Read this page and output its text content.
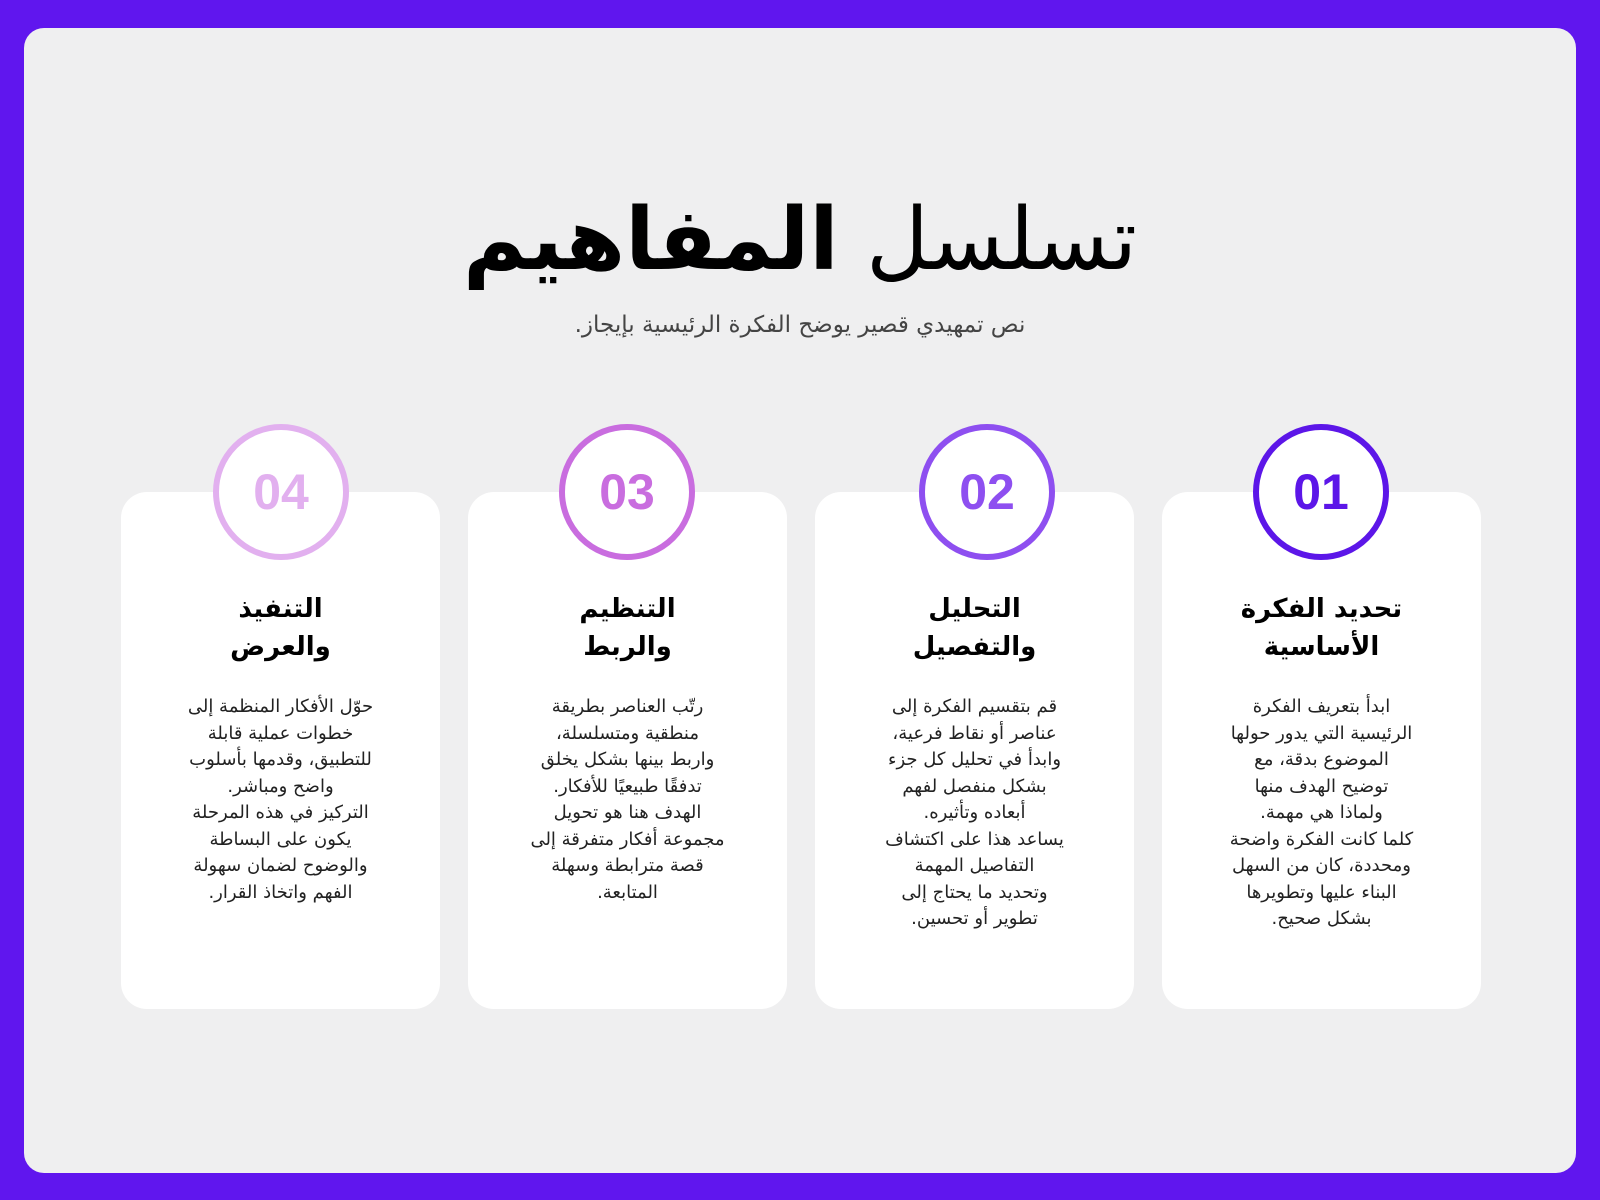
تسلسل المفاهيم
نص تمهيدي قصير يوضح الفكرة الرئيسية بإيجاز.
تحديد الفكرة
الأساسية
ابدأ بتعريف الفكرة
الرئيسية التي يدور حولها
الموضوع بدقة، مع
توضيح الهدف منها
ولماذا هي مهمة.
كلما كانت الفكرة واضحة
ومحددة، كان من السهل
البناء عليها وتطويرها
بشكل صحيح.
01
التحليل
والتفصيل
قم بتقسيم الفكرة إلى
عناصر أو نقاط فرعية،
وابدأ في تحليل كل جزء
بشكل منفصل لفهم
أبعاده وتأثيره.
يساعد هذا على اكتشاف
التفاصيل المهمة
وتحديد ما يحتاج إلى
تطوير أو تحسين.
02
التنظيم
والربط
رتّب العناصر بطريقة
منطقية ومتسلسلة،
واربط بينها بشكل يخلق
تدفقًا طبيعيًا للأفكار.
الهدف هنا هو تحويل
مجموعة أفكار متفرقة إلى
قصة مترابطة وسهلة
المتابعة.
03
التنفيذ
والعرض
حوّل الأفكار المنظمة إلى
خطوات عملية قابلة
للتطبيق، وقدمها بأسلوب
واضح ومباشر.
التركيز في هذه المرحلة
يكون على البساطة
والوضوح لضمان سهولة
الفهم واتخاذ القرار.
04
